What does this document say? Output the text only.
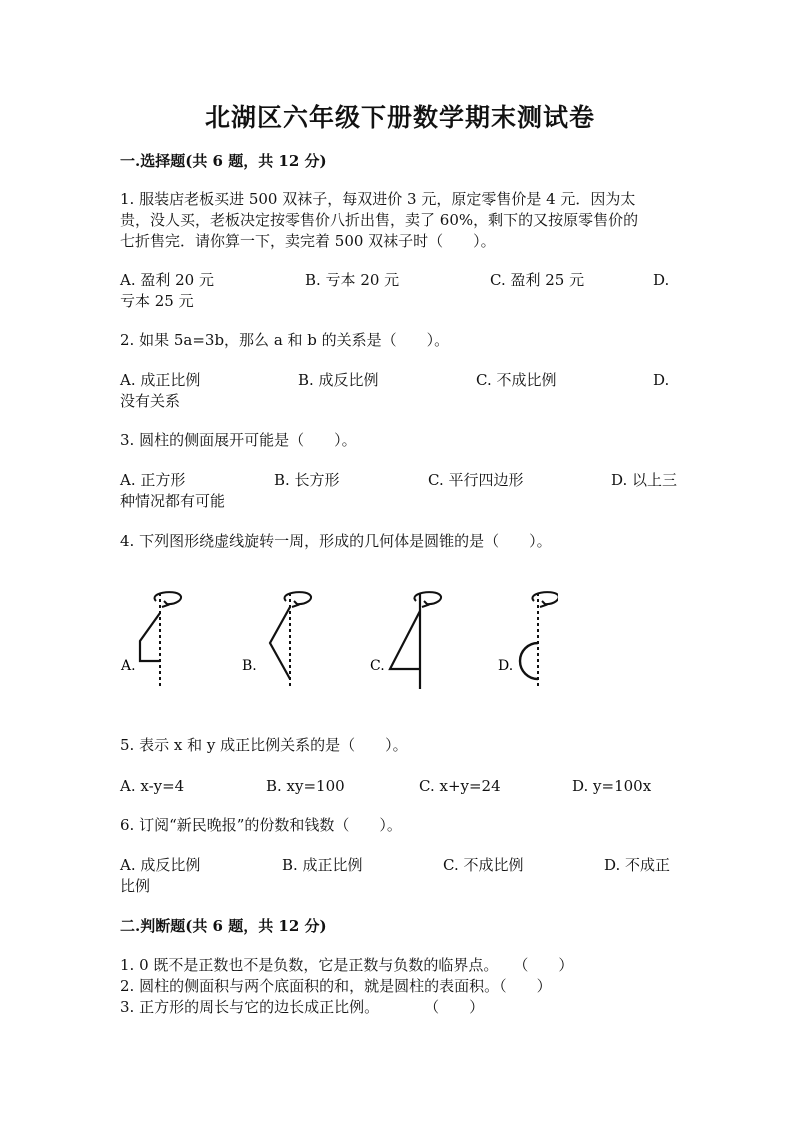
北湖区六年级下册数学期末测试卷
一.选择题(共 6 题，共 12 分)
1. 服装店老板买进 500 双袜子，每双进价 3 元，原定零售价是 4 元．因为太
贵，没人买，老板决定按零售价八折出售，卖了 60%，剩下的又按原零售价的
七折售完．请你算一下，卖完着 500 双袜子时（　　）。
A. 盈利 20 元	B. 亏本 20 元	C. 盈利 25 元	D.
亏本 25 元
2. 如果 5a=3b，那么 a 和 b 的关系是（　　）。
A. 成正比例	B. 成反比例	C. 不成比例	D.
没有关系
3. 圆柱的侧面展开可能是（　　）。
A. 正方形	B. 长方形	C. 平行四边形	D. 以上三
种情况都有可能
4. 下列图形绕虚线旋转一周，形成的几何体是圆锥的是（　　）。
A.	B.	C.	D.
5. 表示 x 和 y 成正比例关系的是（　　）。
A. x-y=4	B. xy=100	C. x+y=24	D. y=100x
6. 订阅“新民晚报”的份数和钱数（　　）。
A. 成反比例	B. 成正比例	C. 不成比例	D. 不成正
比例
二.判断题(共 6 题，共 12 分)
1. 0 既不是正数也不是负数，它是正数与负数的临界点。　　（　　）
2. 圆柱的侧面积与两个底面积的和，就是圆柱的表面积。（　　）
3. 正方形的周长与它的边长成正比例。　　　　（　　）
